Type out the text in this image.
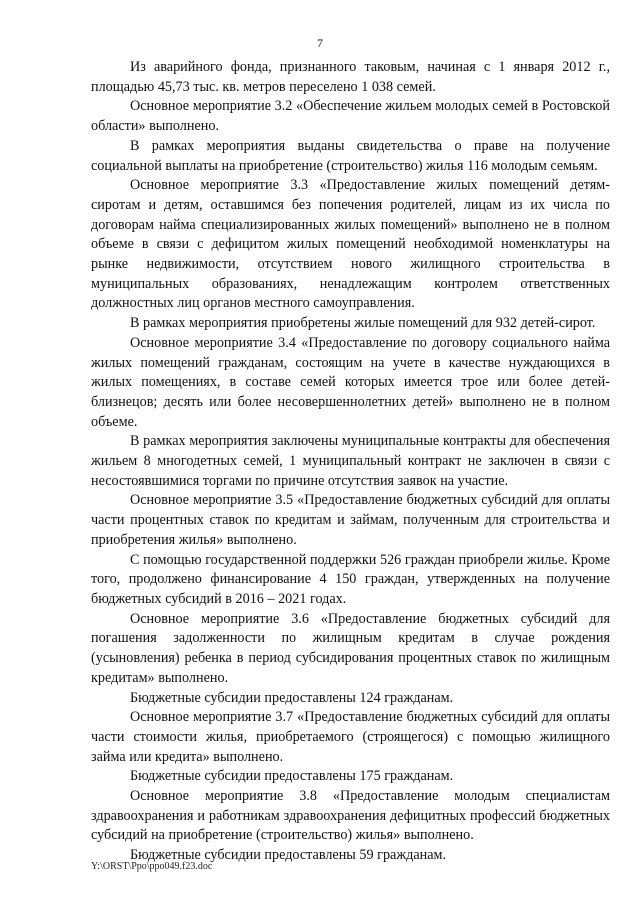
7

Из аварийного фонда, признанного таковым, начиная с 1 января 2012 г., площадью 45,73 тыс. кв. метров переселено 1 038 семей.

Основное мероприятие 3.2 «Обеспечение жильем молодых семей в Ростовской области» выполнено.

В рамках мероприятия выданы свидетельства о праве на получение социальной выплаты на приобретение (строительство) жилья 116 молодым семьям.

Основное мероприятие 3.3 «Предоставление жилых помещений детям-сиротам и детям, оставшимся без попечения родителей, лицам из их числа по договорам найма специализированных жилых помещений» выполнено не в полном объеме в связи с дефицитом жилых помещений необходимой номенклатуры на рынке недвижимости, отсутствием нового жилищного строительства в муниципальных образованиях, ненадлежащим контролем ответственных должностных лиц органов местного самоуправления.

В рамках мероприятия приобретены жилые помещений для 932 детей-сирот.

Основное мероприятие 3.4 «Предоставление по договору социального найма жилых помещений гражданам, состоящим на учете в качестве нуждающихся в жилых помещениях, в составе семей которых имеется трое или более детей-близнецов; десять или более несовершеннолетних детей» выполнено не в полном объеме.

В рамках мероприятия заключены муниципальные контракты для обеспечения жильем 8 многодетных семей, 1 муниципальный контракт не заключен в связи с несостоявшимися торгами по причине отсутствия заявок на участие.

Основное мероприятие 3.5 «Предоставление бюджетных субсидий для оплаты части процентных ставок по кредитам и займам, полученным для строительства и приобретения жилья» выполнено.

С помощью государственной поддержки 526 граждан приобрели жилье. Кроме того, продолжено финансирование 4 150 граждан, утвержденных на получение бюджетных субсидий в 2016 – 2021 годах.

Основное мероприятие 3.6 «Предоставление бюджетных субсидий для погашения задолженности по жилищным кредитам в случае рождения (усыновления) ребенка в период субсидирования процентных ставок по жилищным кредитам» выполнено.

Бюджетные субсидии предоставлены 124 гражданам.

Основное мероприятие 3.7 «Предоставление бюджетных субсидий для оплаты части стоимости жилья, приобретаемого (строящегося) с помощью жилищного займа или кредита» выполнено.

Бюджетные субсидии предоставлены 175 гражданам.

Основное мероприятие 3.8 «Предоставление молодым специалистам здравоохранения и работникам здравоохранения дефицитных профессий бюджетных субсидий на приобретение (строительство) жилья» выполнено.

Бюджетные субсидии предоставлены 59 гражданам.

Y:\ORST\Ppo\ppo049.f23.doc
